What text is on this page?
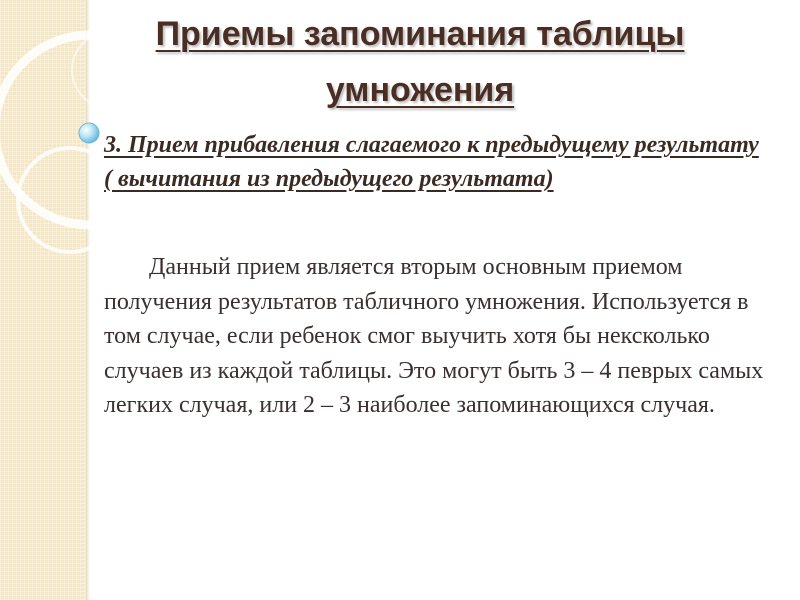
Приемы запоминания таблицы умножения

3. Прием прибавления слагаемого к предыдущему результату ( вычитания из предыдущего результата)

Данный прием является вторым основным приемом получения результатов табличного умножения. Используется в том случае, если ребенок смог выучить хотя бы нексколько случаев из каждой таблицы. Это могут быть 3 – 4 певрых самых легких случая, или 2 – 3 наиболее запоминающихся случая.
